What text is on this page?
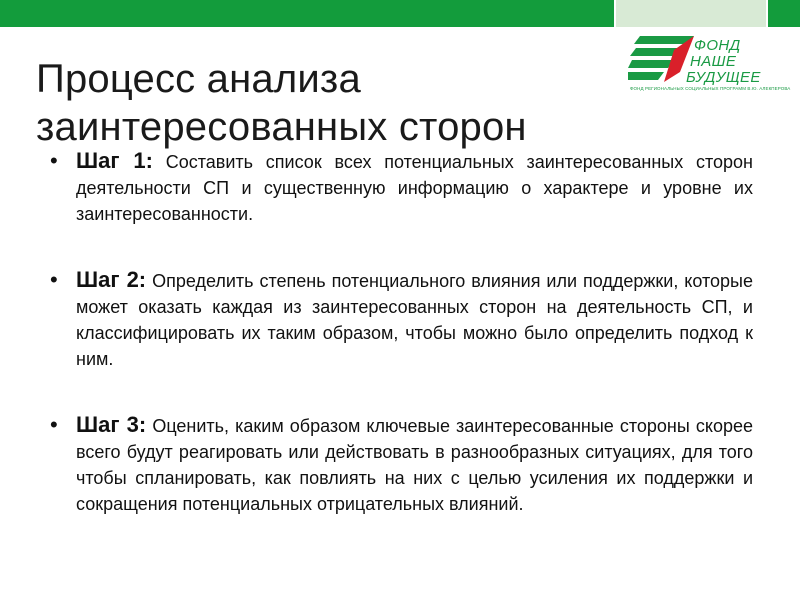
Процесс анализа заинтересованных сторон
ФОНД
НАШЕ
БУДУЩЕЕ
ФОНД РЕГИОНАЛЬНЫХ СОЦИАЛЬНЫХ ПРОГРАММ В.Ю. АЛЕКПЕРОВА
• Шаг 1: Составить список всех потенциальных заинтересованных сторон деятельности СП и существенную информацию о характере и уровне их заинтересованности.
• Шаг 2: Определить степень потенциального влияния или поддержки, которые может оказать каждая из заинтересованных сторон на деятельность СП, и классифицировать их таким образом, чтобы можно было определить подход к ним.
• Шаг 3: Оценить, каким образом ключевые заинтересованные стороны скорее всего будут реагировать или действовать в разнообразных ситуациях, для того чтобы спланировать, как повлиять на них с целью усиления их поддержки и сокращения потенциальных отрицательных влияний.
